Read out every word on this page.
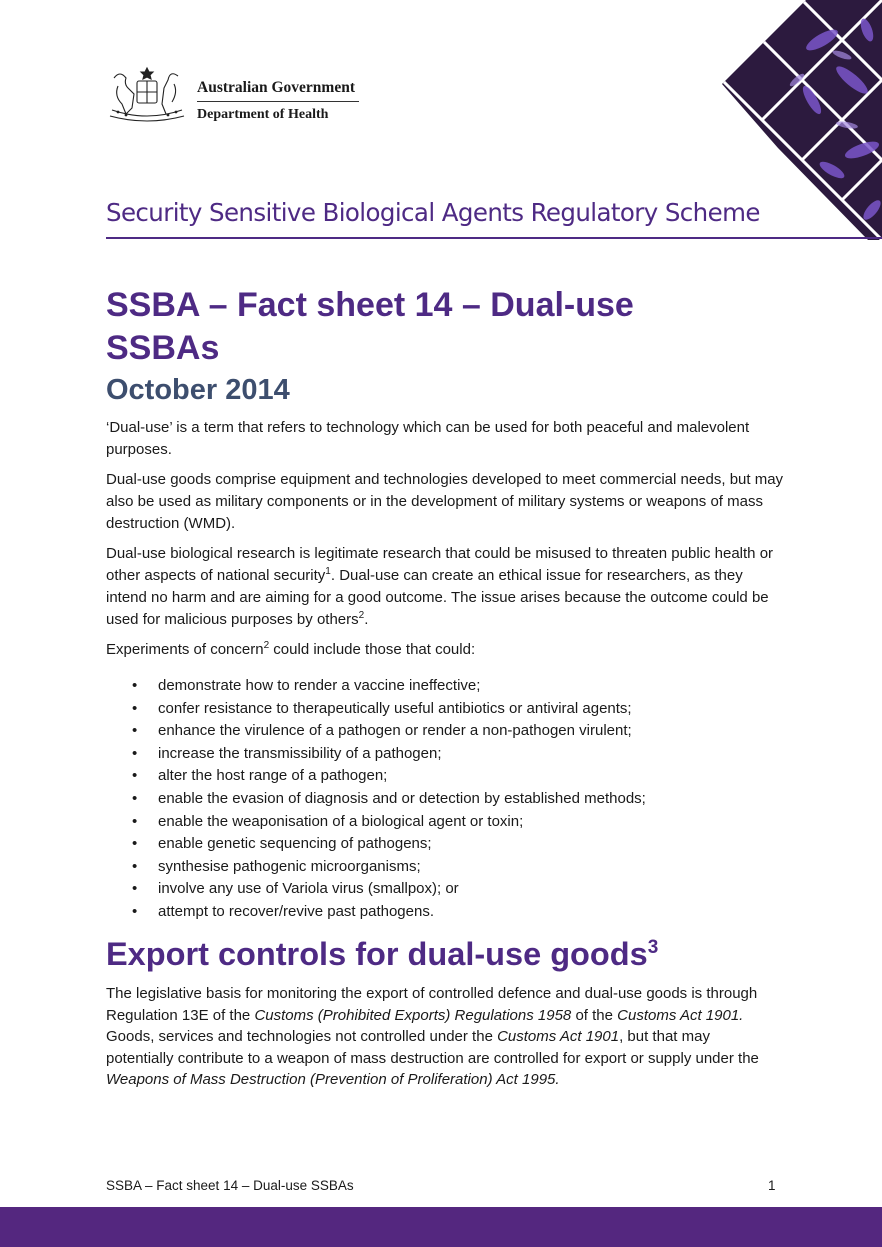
Australian Government
Department of Health
Security Sensitive Biological Agents Regulatory Scheme
SSBA – Fact sheet 14 – Dual-use SSBAs
October 2014

‘Dual-use’ is a term that refers to technology which can be used for both peaceful and malevolent purposes.

Dual-use goods comprise equipment and technologies developed to meet commercial needs, but may also be used as military components or in the development of military systems or weapons of mass destruction (WMD).

Dual-use biological research is legitimate research that could be misused to threaten public health or other aspects of national security$^1$. Dual-use can create an ethical issue for researchers, as they intend no harm and are aiming for a good outcome. The issue arises because the outcome could be used for malicious purposes by others$^2$.

Experiments of concern$^2$ could include those that could:

• demonstrate how to render a vaccine ineffective;
• confer resistance to therapeutically useful antibiotics or antiviral agents;
• enhance the virulence of a pathogen or render a non-pathogen virulent;
• increase the transmissibility of a pathogen;
• alter the host range of a pathogen;
• enable the evasion of diagnosis and or detection by established methods;
• enable the weaponisation of a biological agent or toxin;
• enable genetic sequencing of pathogens;
• synthesise pathogenic microorganisms;
• involve any use of Variola virus (smallpox); or
• attempt to recover/revive past pathogens.
Export controls for dual-use goods$^3$

The legislative basis for monitoring the export of controlled defence and dual-use goods is through Regulation 13E of the Customs (Prohibited Exports) Regulations 1958 of the Customs Act 1901. Goods, services and technologies not controlled under the Customs Act 1901, but that may potentially contribute to a weapon of mass destruction are controlled for export or supply under the Weapons of Mass Destruction (Prevention of Proliferation) Act 1995.

SSBA – Fact sheet 14 – Dual-use SSBAs	1
